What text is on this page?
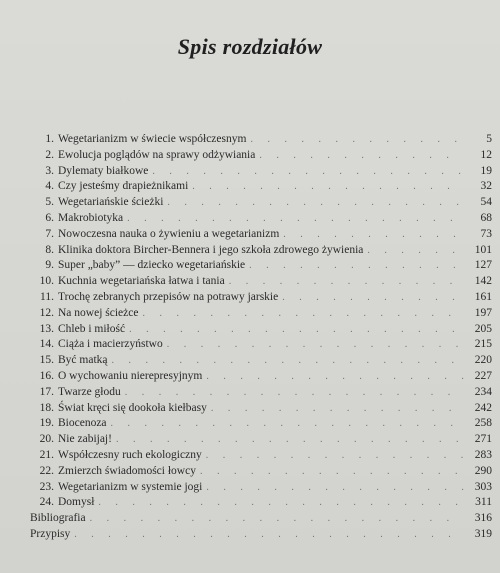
Spis rozdziałów
1. Wegetarianizm w świecie współczesnym . . .	5
2. Ewolucja poglądów na sprawy odżywiania . . .	12
3. Dylematy białkowe . . .	19
4. Czy jesteśmy drapieżnikami . . .	32
5. Wegetariańskie ścieżki . . .	54
6. Makrobiotyka . . .	68
7. Nowoczesna nauka o żywieniu a wegetarianizm . . .	73
8. Klinika doktora Bircher-Bennera i jego szkoła zdrowego żywienia . . .	101
9. Super „baby” — dziecko wegetariańskie . . .	127
10. Kuchnia wegetariańska łatwa i tania . . .	142
11. Trochę zebranych przepisów na potrawy jarskie . . .	161
12. Na nowej ścieżce . . .	197
13. Chleb i miłość . . .	205
14. Ciąża i macierzyństwo . . .	215
15. Być matką . . .	220
16. O wychowaniu nierepresyjnym . . .	227
17. Twarze głodu . . .	234
18. Świat kręci się dookoła kiełbasy . . .	242
19. Biocenoza . . .	258
20. Nie zabijaj! . . .	271
21. Współczesny ruch ekologiczny . . .	283
22. Zmierzch świadomości łowcy . . .	290
23. Wegetarianizm w systemie jogi . . .	303
24. Domysł . . .	311
Bibliografia . . .	316
Przypisy . . .	319
